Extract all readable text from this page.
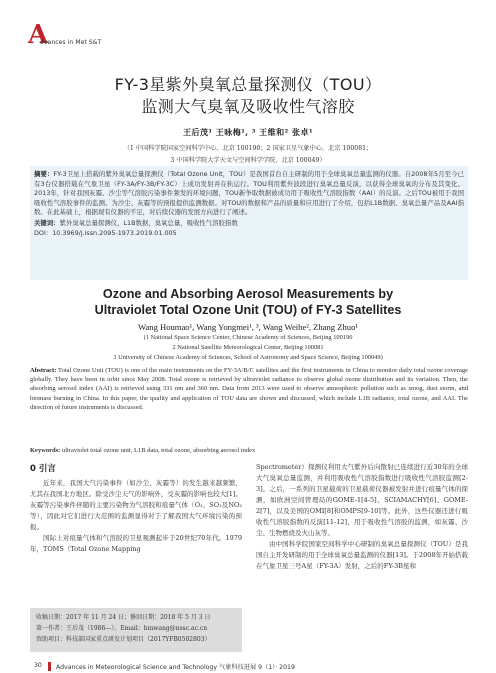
A
dvances in Met S&T
FY-3星紫外臭氧总量探测仪（TOU）
监测大气臭氧及吸收性气溶胶
王后茂¹ 王咏梅¹, ³ 王维和² 张卓¹
（1 中国科学院国家空间科学中心，北京 100190；2 国家卫星气象中心，北京 100081；
3 中国科学院大学天文与空间科学学院，北京 100049）

摘要：FY-3卫星上搭载的紫外臭氧总量探测仪（Total Ozone Unit，TOU）是我国首台自主研制的用于全球臭氧总量监测的仪器。自2008年5月至今已有3台仪器搭载在气象卫星（FY-3A/FY-3B/FY-3C）上成功发射并在轨运行。TOU利用紫外波段进行臭氧总量反演，以获得全球臭氧的分布及其变化。2013年，针对我国灰霾、沙尘等气溶胶污染事件频发的环境问题，TOU新争取数据被成功用于吸收性气溶胶指数（AAI）的反演。之后TOU被用于我国吸收性气溶胶事件的监测。为沙尘、灰霾等的预报提供监测数据。对TOU的数据和产品的质量和应用进行了介绍，包括L1B数据、臭氧总量产品及AAI指数。在此基础上，根据现有仪器的不足，对后续仪器的发展方向进行了阐述。

关键词：紫外臭氧总量探测仪，L1B数据，臭氧总量，吸收性气溶胶指数

DOI：10.3969/j.issn.2095-1973.2019.01.005

Ozone and Absorbing Aerosol Measurements by
Ultraviolet Total Ozone Unit (TOU) of FY-3 Satellites
Wang Houmao¹, Wang Yongmei¹, ³, Wang Weihe², Zhang Zhuo¹
(1 National Space Science Center, Chinese Academy of Sciences, Beijing 100190
2 National Satellite Meteorological Center, Beijing 100081
3 University of Chinese Academy of Sciences, School of Astronomy and Space Science, Beijing 100049)

Abstract: Total Ozone Unit (TOU) is one of the main instruments on the FY-3A/B/C satellites and the first instruments in China to monitor daily total ozone coverage globally. They have been in orbit since May 2008. Total ozone is retrieved by ultraviolet radiance to observe global ozone distribution and its variation. Then, the absorbing aerosol index (AAI) is retrieved using 331 nm and 360 nm. Data from 2013 were used to observe atmospheric pollution such as smog, dust storm, and biomass burning in China. In this paper, the quality and application of TOU data are shown and discussed, which include L1B radiance, total ozone, and AAI. The direction of future instruments is discussed.

Keywords: ultraviolet total ozone unit, L1B data, total ozone, absorbing aerosol index

0 引言

近年来，我国大气污染事件（如沙尘、灰霾等）的发生越来越频繁，尤其在我国北方地区。除受沙尘天气的影响外，受灰霾的影响也较大[1]。灰霾等污染事件伴随的主要污染物为气溶胶和痕量气体（O₃、SO₂及NO₂等），因此对它们进行大范围的监测显得对于了解我国大气环境污染的预报。

国际上对痕量气体和气溶胶的卫星观测起步于20世纪70年代。1979年，TOMS（Total Ozone Mapping

Spectrometer）探测仪利用大气紫外后向散射已连续进行近30年的全球大气臭氧总量监测，并利用吸收性气溶胶指数进行吸收性气溶胶监测[2-3]。之后，一系列的卫星载荷的卫星载荷仪器被发射并进行痕量气体的探测，如欧洲空间管理局的GOME-1[4-5]、SCIAMACHY[6]、GOME-2[7]，以及美国的OMI[8]和OMPS[9-10]等。此外，这些仪器还进行吸收性气溶胶指数的反演[11-12]，用于吸收性气溶胶的监测，如灰霾、沙尘、生物燃烧及火山灰等。

由中国科学院国家空间科学中心研制的臭氧总量探测仪（TOU）是我国自主开发研制的用于全球臭氧总量监测的仪器[13]。于2008年开始搭载在气象卫星三号A星（FY-3A）发射，之后的FY-3B星和

收稿日期：2017 年 11 月 24 日；修回日期：2018 年 5 月 3 日
第一作者：王后茂（1986—）。Email：hmwang@nssc.ac.cn
资助项目：科技部国家重点研发计划项目（2017YFB0502803）
30 Advances in Meteorological Science and Technology 气象科技进展 9（1）· 2019
